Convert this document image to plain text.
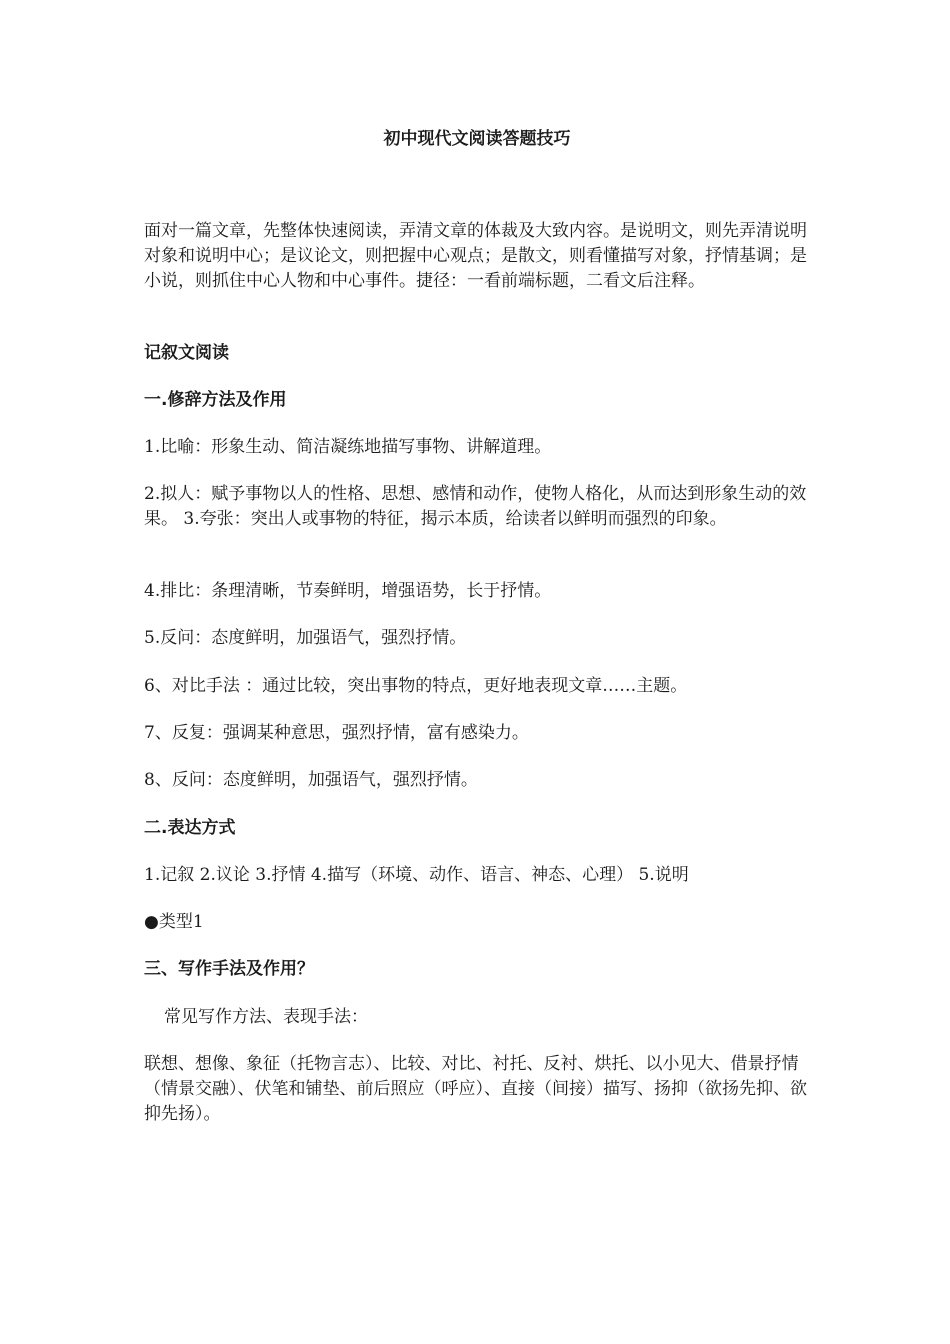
初中现代文阅读答题技巧

面对一篇文章，先整体快速阅读，弄清文章的体裁及大致内容。是说明文，则先弄清说明对象和说明中心；是议论文，则把握中心观点；是散文，则看懂描写对象，抒情基调；是小说，则抓住中心人物和中心事件。捷径：一看前端标题，二看文后注释。

记叙文阅读

一.修辞方法及作用

1.比喻：形象生动、简洁凝练地描写事物、讲解道理。

2.拟人：赋予事物以人的性格、思想、感情和动作，使物人格化，从而达到形象生动的效果。 3.夸张：突出人或事物的特征，揭示本质，给读者以鲜明而强烈的印象。

4.排比：条理清晰，节奏鲜明，增强语势，长于抒情。

5.反问：态度鲜明，加强语气，强烈抒情。

6、对比手法 ：通过比较，突出事物的特点，更好地表现文章……主题。

7、反复：强调某种意思，强烈抒情，富有感染力。

8、反问：态度鲜明，加强语气，强烈抒情。

二.表达方式

1.记叙 2.议论 3.抒情 4.描写（环境、动作、语言、神态、心理） 5.说明

●类型1

三、写作手法及作用？

常见写作方法、表现手法：

联想、想像、象征（托物言志）、比较、对比、衬托、反衬、烘托、以小见大、借景抒情（情景交融）、伏笔和铺垫、前后照应（呼应）、直接（间接）描写、扬抑（欲扬先抑、欲抑先扬）。
